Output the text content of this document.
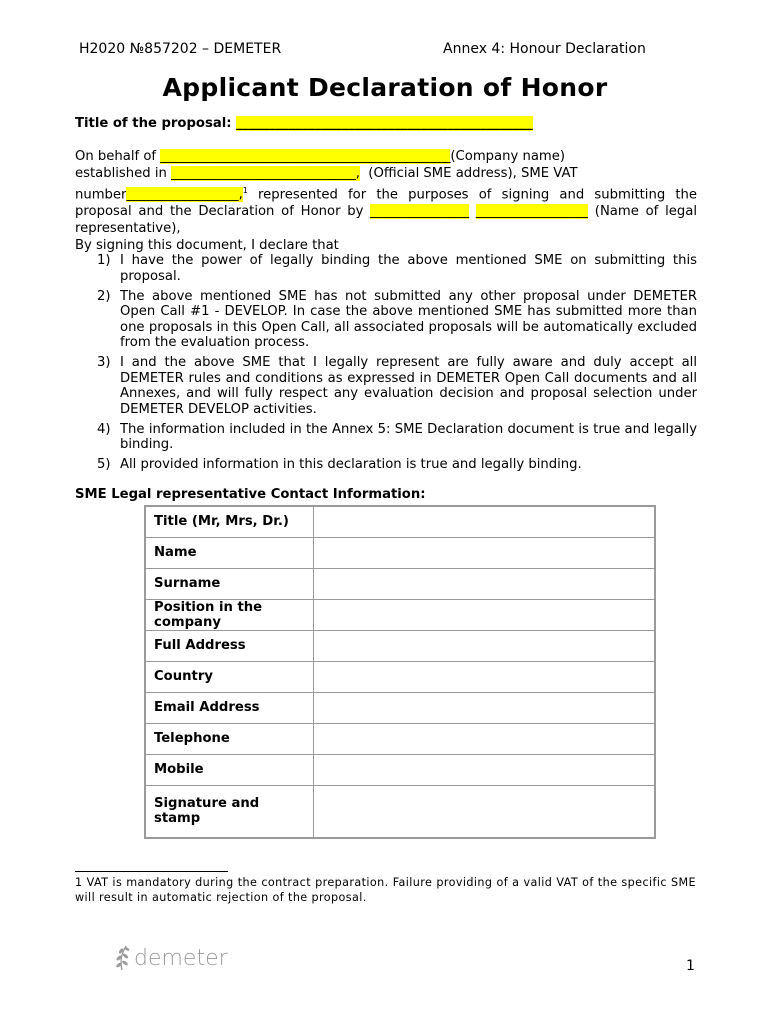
H2020 №857202 – DEMETER	Annex 4: Honour Declaration
Applicant Declaration of Honor
Title of the proposal: _____________________________________________

On behalf of ____________________________________________(Company name)

established in ____________________________, (Official SME address), SME VAT

number_________________,$^1$ represented for the purposes of signing and submitting the proposal and the Declaration of Honor by _______________ _________________ (Name of legal representative),

By signing this document, I declare that

1) I have the power of legally binding the above mentioned SME on submitting this proposal.
2) The above mentioned SME has not submitted any other proposal under DEMETER Open Call #1 - DEVELOP. In case the above mentioned SME has submitted more than one proposals in this Open Call, all associated proposals will be automatically excluded from the evaluation process.
3) I and the above SME that I legally represent are fully aware and duly accept all DEMETER rules and conditions as expressed in DEMETER Open Call documents and all Annexes, and will fully respect any evaluation decision and proposal selection under DEMETER DEVELOP activities.
4) The information included in the Annex 5: SME Declaration document is true and legally binding.
5) All provided information in this declaration is true and legally binding.
SME Legal representative Contact Information:
Title (Mr, Mrs, Dr.)	
Name	
Surname	
Position in the company	
Full Address	
Country	
Email Address	
Telephone	
Mobile	
Signature and stamp	
1 VAT is mandatory during the contract preparation. Failure providing of a valid VAT of the specific SME will result in automatic rejection of the proposal.
demeter	1
